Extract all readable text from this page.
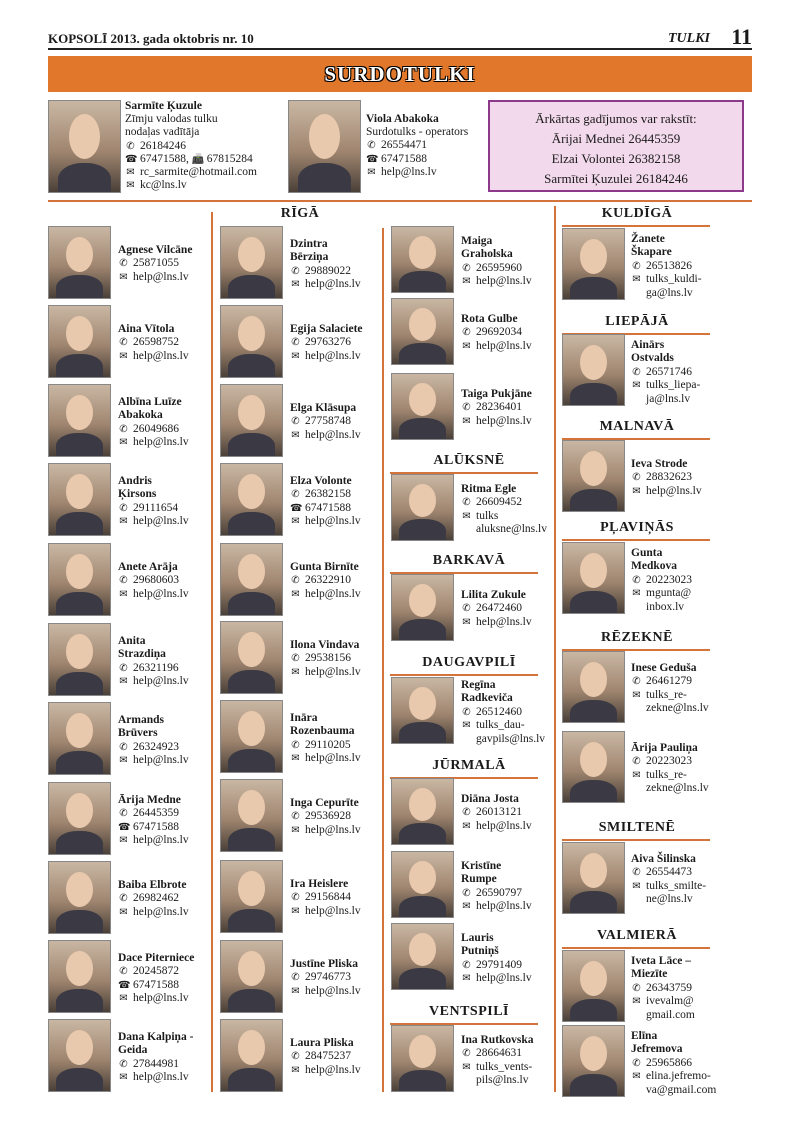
KOPSOLĪ 2013. gada oktobris nr. 10	TULKI 11
SURDOTULKI
Sarmīte Ķuzule
Zīmju valodas tulku
nodaļas vadītāja
✆ 26184246
☎ 67471588, 📠 67815284
✉ rc_sarmite@hotmail.com
✉ kc@lns.lv
Viola Abakoka
Surdotulks - operators
✆ 26554471
☎ 67471588
✉ help@lns.lv
Ārkārtas gadījumos var rakstīt:
Ārijai Mednei 26445359
Elzai Volontei 26382158
Sarmītei Ķuzulei 26184246
RĪGĀ
ALŪKSNĒ
BARKAVĀ
DAUGAVPILĪ
JŪRMALĀ
VENTSPILĪ
KULDĪGĀ
LIEPĀJĀ
MALNAVĀ
PĻAVIŅĀS
RĒZEKNĒ
SMILTENĒ
VALMIERĀ
Agnese Vilcāne
✆ 25871055
✉ help@lns.lv
Aina Vītola
✆ 26598752
✉ help@lns.lv
Albīna Luīze
Abakoka
✆ 26049686
✉ help@lns.lv
Andris
Ķirsons
✆ 29111654
✉ help@lns.lv
Anete Arāja
✆ 29680603
✉ help@lns.lv
Anita
Strazdiņa
✆ 26321196
✉ help@lns.lv
Armands
Brūvers
✆ 26324923
✉ help@lns.lv
Ārija Medne
✆ 26445359
☎ 67471588
✉ help@lns.lv
Baiba Elbrote
✆ 26982462
✉ help@lns.lv
Dace Piterniece
✆ 20245872
☎ 67471588
✉ help@lns.lv
Dana Kalpiņa -
Geida
✆ 27844981
✉ help@lns.lv
Dzintra
Bērziņa
✆ 29889022
✉ help@lns.lv
Egija Salaciete
✆ 29763276
✉ help@lns.lv
Elga Klāsupa
✆ 27758748
✉ help@lns.lv
Elza Volonte
✆ 26382158
☎ 67471588
✉ help@lns.lv
Gunta Birnīte
✆ 26322910
✉ help@lns.lv
Ilona Vindava
✆ 29538156
✉ help@lns.lv
Ināra
Rozenbauma
✆ 29110205
✉ help@lns.lv
Inga Cepurīte
✆ 29536928
✉ help@lns.lv
Ira Heislere
✆ 29156844
✉ help@lns.lv
Justīne Pliska
✆ 29746773
✉ help@lns.lv
Laura Pliska
✆ 28475237
✉ help@lns.lv
Maiga
Graholska
✆ 26595960
✉ help@lns.lv
Rota Gulbe
✆ 29692034
✉ help@lns.lv
Taiga Pukjāne
✆ 28236401
✉ help@lns.lv
Ritma Egle
✆ 26609452
✉ tulks
aluksne@lns.lv
Lilita Zukule
✆ 26472460
✉ help@lns.lv
Regīna
Radkeviča
✆ 26512460
✉ tulks_dau-
gavpils@lns.lv
Diāna Josta
✆ 26013121
✉ help@lns.lv
Kristīne
Rumpe
✆ 26590797
✉ help@lns.lv
Lauris
Putniņš
✆ 29791409
✉ help@lns.lv
Ina Rutkovska
✆ 28664631
✉ tulks_vents-
pils@lns.lv
Žanete
Škapare
✆ 26513826
✉ tulks_kuldi-
ga@lns.lv
Ainārs
Ostvalds
✆ 26571746
✉ tulks_liepa-
ja@lns.lv
Ieva Strode
✆ 28832623
✉ help@lns.lv
Gunta
Medkova
✆ 20223023
✉ mgunta@
inbox.lv
Inese Geduša
✆ 26461279
✉ tulks_re-
zekne@lns.lv
Ārija Pauliņa
✆ 20223023
✉ tulks_re-
zekne@lns.lv
Aiva Šilinska
✆ 26554473
✉ tulks_smilte-
ne@lns.lv
Iveta Lāce –
Miezīte
✆ 26343759
✉ ivevalm@
gmail.com
Elīna
Jefremova
✆ 25965866
✉ elina.jefremo-
va@gmail.com
